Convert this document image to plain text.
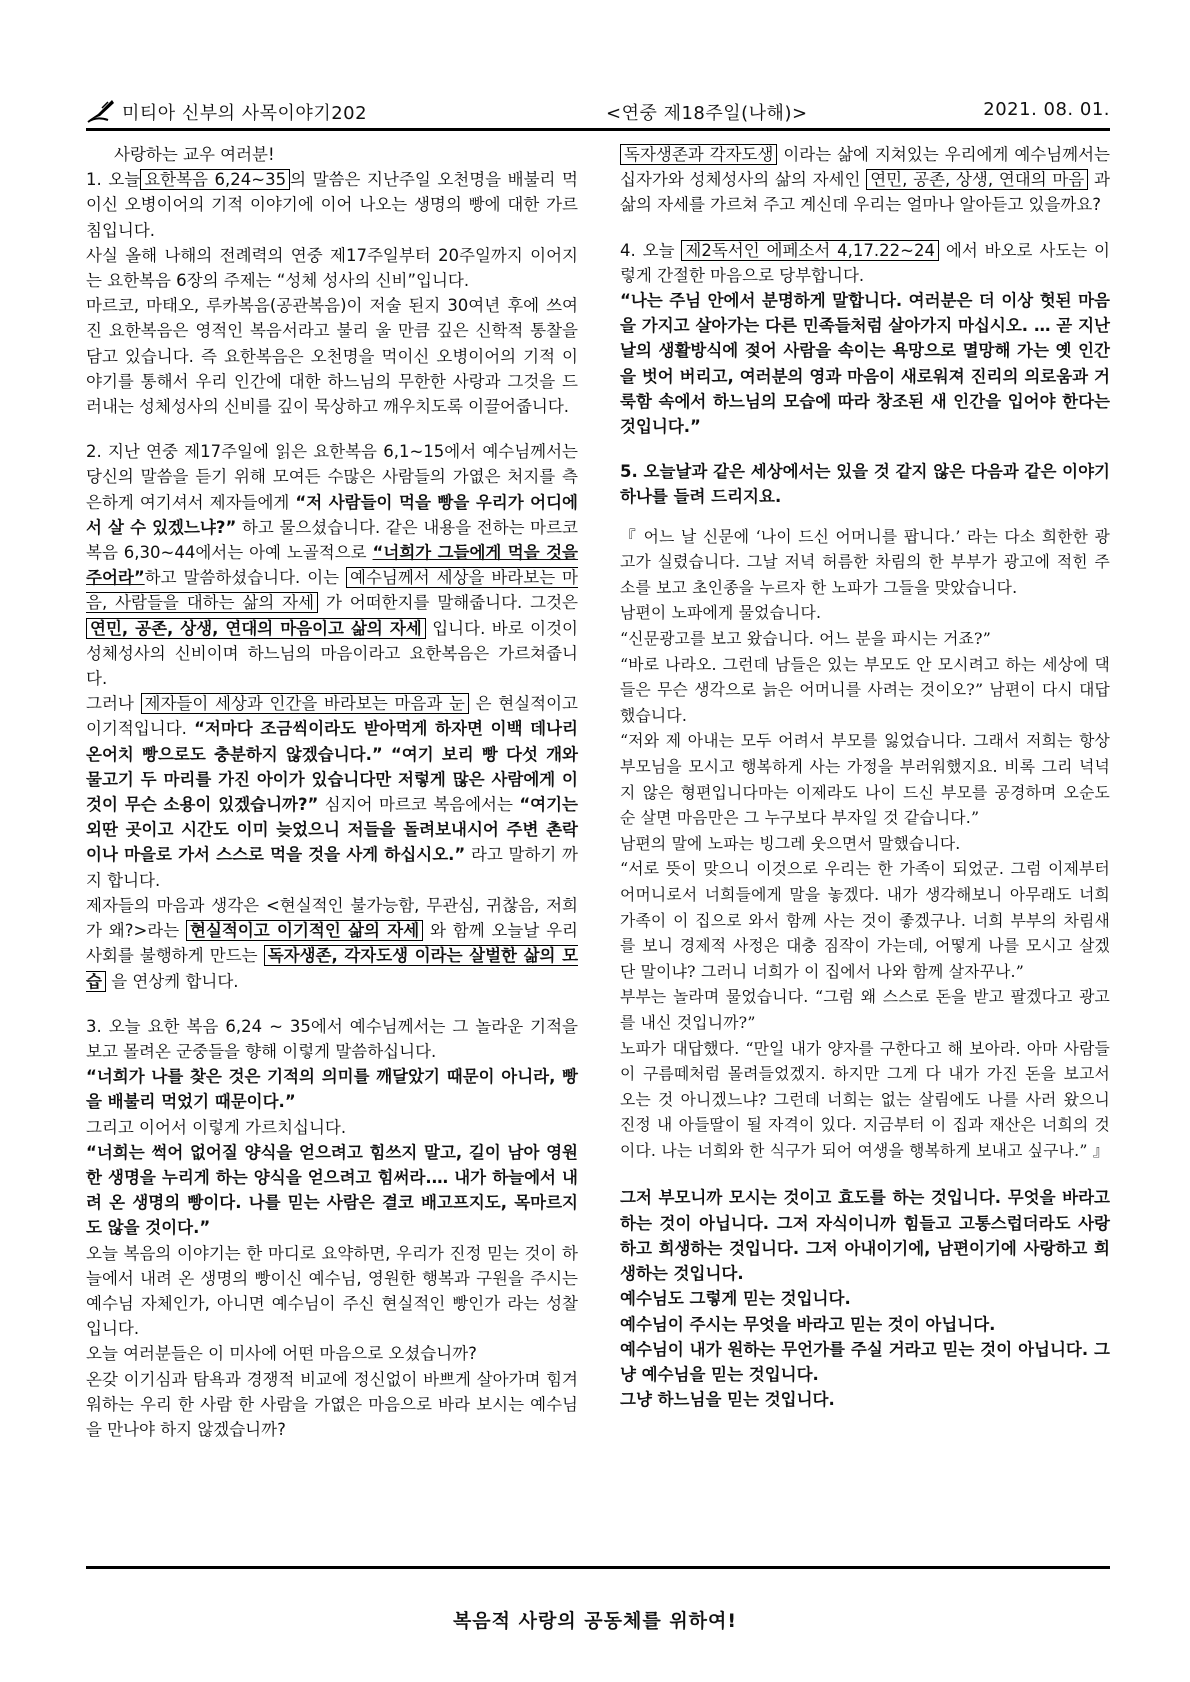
미티아 신부의 사목이야기202	<연중 제18주일(나해)>	2021. 08. 01.

사랑하는 교우 여러분!

1. 오늘 요한복음 6,24~35 의 말씀은 지난주일 오천명을 배불리 먹이신 오병이어의 기적 이야기에 이어 나오는 생명의 빵에 대한 가르침입니다.

사실 올해 나해의 전례력의 연중 제17주일부터 20주일까지 이어지는 요한복음 6장의 주제는 “성체 성사의 신비”입니다.

마르코, 마태오, 루카복음(공관복음)이 저술 된지 30여년 후에 쓰여진 요한복음은 영적인 복음서라고 불리 울 만큼 깊은 신학적 통찰을 담고 있습니다. 즉 요한복음은 오천명을 먹이신 오병이어의 기적 이야기를 통해서 우리 인간에 대한 하느님의 무한한 사랑과 그것을 드러내는 성체성사의 신비를 깊이 묵상하고 깨우치도록 이끌어줍니다.

2. 지난 연중 제17주일에 읽은 요한복음 6,1~15에서 예수님께서는 당신의 말씀을 듣기 위해 모여든 수많은 사람들의 가엾은 처지를 측은하게 여기셔서 제자들에게 “저 사람들이 먹을 빵을 우리가 어디에서 살 수 있겠느냐?” 하고 물으셨습니다. 같은 내용을 전하는 마르코복음 6,30~44에서는 아예 노골적으로 “너희가 그들에게 먹을 것을 주어라”하고 말씀하셨습니다. 이는 예수님께서 세상을 바라보는 마음, 사람들을 대하는 삶의 자세 가 어떠한지를 말해줍니다. 그것은 연민, 공존, 상생, 연대의 마음이고 삶의 자세 입니다. 바로 이것이 성체성사의 신비이며 하느님의 마음이라고 요한복음은 가르쳐줍니다.

그러나 제자들이 세상과 인간을 바라보는 마음과 눈 은 현실적이고 이기적입니다. “저마다 조금씩이라도 받아먹게 하자면 이백 데나리온어치 빵으로도 충분하지 않겠습니다.” “여기 보리 빵 다섯 개와 물고기 두 마리를 가진 아이가 있습니다만 저렇게 많은 사람에게 이것이 무슨 소용이 있겠습니까?” 심지어 마르코 복음에서는 “여기는 외딴 곳이고 시간도 이미 늦었으니 저들을 돌려보내시어 주변 촌락이나 마을로 가서 스스로 먹을 것을 사게 하십시오.” 라고 말하기 까지 합니다.

제자들의 마음과 생각은 <현실적인 불가능함, 무관심, 귀찮음, 저희가 왜?>라는 현실적이고 이기적인 삶의 자세 와 함께 오늘날 우리 사회를 불행하게 만드는 독자생존, 각자도생 이라는 살벌한 삶의 모습 을 연상케 합니다.

3. 오늘 요한 복음 6,24 ~ 35에서 예수님께서는 그 놀라운 기적을 보고 몰려온 군중들을 향해 이렇게 말씀하십니다.

“너희가 나를 찾은 것은 기적의 의미를 깨달았기 때문이 아니라, 빵을 배불리 먹었기 때문이다.”

그리고 이어서 이렇게 가르치십니다.

“너희는 썩어 없어질 양식을 얻으려고 힘쓰지 말고, 길이 남아 영원한 생명을 누리게 하는 양식을 얻으려고 힘써라.… 내가 하늘에서 내려 온 생명의 빵이다. 나를 믿는 사람은 결코 배고프지도, 목마르지도 않을 것이다.”

오늘 복음의 이야기는 한 마디로 요약하면, 우리가 진정 믿는 것이 하늘에서 내려 온 생명의 빵이신 예수님, 영원한 행복과 구원을 주시는 예수님 자체인가, 아니면 예수님이 주신 현실적인 빵인가 라는 성찰입니다.

오늘 여러분들은 이 미사에 어떤 마음으로 오셨습니까?

온갖 이기심과 탐욕과 경쟁적 비교에 정신없이 바쁘게 살아가며 힘겨워하는 우리 한 사람 한 사람을 가엾은 마음으로 바라 보시는 예수님을 만나야 하지 않겠습니까?

독자생존과 각자도생 이라는 삶에 지쳐있는 우리에게 예수님께서는 십자가와 성체성사의 삶의 자세인 연민, 공존, 상생, 연대의 마음 과 삶의 자세를 가르쳐 주고 계신데 우리는 얼마나 알아듣고 있을까요?

4. 오늘 제2독서인 에페소서 4,17.22~24 에서 바오로 사도는 이렇게 간절한 마음으로 당부합니다.

“나는 주님 안에서 분명하게 말합니다. 여러분은 더 이상 헛된 마음을 가지고 살아가는 다른 민족들처럼 살아가지 마십시오. … 곧 지난날의 생활방식에 젖어 사람을 속이는 욕망으로 멸망해 가는 옛 인간을 벗어 버리고, 여러분의 영과 마음이 새로워져 진리의 의로움과 거룩함 속에서 하느님의 모습에 따라 창조된 새 인간을 입어야 한다는 것입니다.”

5. 오늘날과 같은 세상에서는 있을 것 같지 않은 다음과 같은 이야기 하나를 들려 드리지요.

『 어느 날 신문에 ‘나이 드신 어머니를 팝니다.’ 라는 다소 희한한 광고가 실렸습니다. 그날 저녁 허름한 차림의 한 부부가 광고에 적힌 주소를 보고 초인종을 누르자 한 노파가 그들을 맞았습니다.

남편이 노파에게 물었습니다.

“신문광고를 보고 왔습니다. 어느 분을 파시는 거죠?”

“바로 나라오. 그런데 남들은 있는 부모도 안 모시려고 하는 세상에 댁들은 무슨 생각으로 늙은 어머니를 사려는 것이오?” 남편이 다시 대답했습니다.

“저와 제 아내는 모두 어려서 부모를 잃었습니다. 그래서 저희는 항상 부모님을 모시고 행복하게 사는 가정을 부러워했지요. 비록 그리 넉넉지 않은 형편입니다마는 이제라도 나이 드신 부모를 공경하며 오순도순 살면 마음만은 그 누구보다 부자일 것 같습니다.”

남편의 말에 노파는 빙그레 웃으면서 말했습니다.

“서로 뜻이 맞으니 이것으로 우리는 한 가족이 되었군. 그럼 이제부터 어머니로서 너희들에게 말을 놓겠다. 내가 생각해보니 아무래도 너희 가족이 이 집으로 와서 함께 사는 것이 좋겠구나. 너희 부부의 차림새를 보니 경제적 사정은 대충 짐작이 가는데, 어떻게 나를 모시고 살겠단 말이냐? 그러니 너희가 이 집에서 나와 함께 살자꾸나.”

부부는 놀라며 물었습니다. “그럼 왜 스스로 돈을 받고 팔겠다고 광고를 내신 것입니까?”

노파가 대답했다. “만일 내가 양자를 구한다고 해 보아라. 아마 사람들이 구름떼처럼 몰려들었겠지. 하지만 그게 다 내가 가진 돈을 보고서 오는 것 아니겠느냐? 그런데 너희는 없는 살림에도 나를 사러 왔으니 진정 내 아들딸이 될 자격이 있다. 지금부터 이 집과 재산은 너희의 것이다. 나는 너희와 한 식구가 되어 여생을 행복하게 보내고 싶구나.” 』

그저 부모니까 모시는 것이고 효도를 하는 것입니다. 무엇을 바라고 하는 것이 아닙니다. 그저 자식이니까 힘들고 고통스럽더라도 사랑하고 희생하는 것입니다. 그저 아내이기에, 남편이기에 사랑하고 희생하는 것입니다.

예수님도 그렇게 믿는 것입니다.

예수님이 주시는 무엇을 바라고 믿는 것이 아닙니다.

예수님이 내가 원하는 무언가를 주실 거라고 믿는 것이 아닙니다. 그냥 예수님을 믿는 것입니다.

그냥 하느님을 믿는 것입니다.

복음적 사랑의 공동체를 위하여!
